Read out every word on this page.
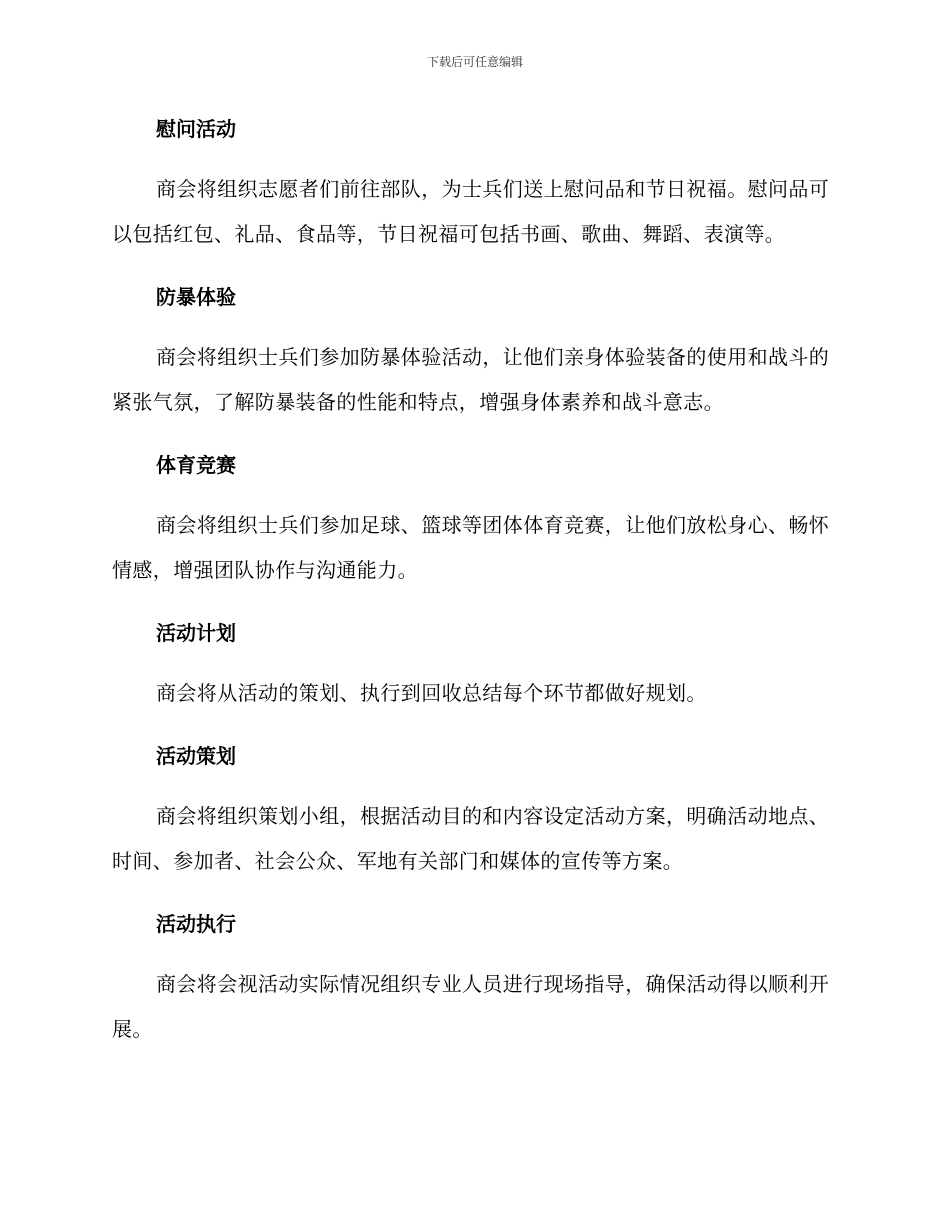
下载后可任意编辑
慰问活动

商会将组织志愿者们前往部队，为士兵们送上慰问品和节日祝福。慰问品可以包括红包、礼品、食品等，节日祝福可包括书画、歌曲、舞蹈、表演等。

防暴体验

商会将组织士兵们参加防暴体验活动，让他们亲身体验装备的使用和战斗的紧张气氛，了解防暴装备的性能和特点，增强身体素养和战斗意志。

体育竞赛

商会将组织士兵们参加足球、篮球等团体体育竞赛，让他们放松身心、畅怀情感，增强团队协作与沟通能力。

活动计划

商会将从活动的策划、执行到回收总结每个环节都做好规划。

活动策划

商会将组织策划小组，根据活动目的和内容设定活动方案，明确活动地点、时间、参加者、社会公众、军地有关部门和媒体的宣传等方案。

活动执行

商会将会视活动实际情况组织专业人员进行现场指导，确保活动得以顺利开展。
